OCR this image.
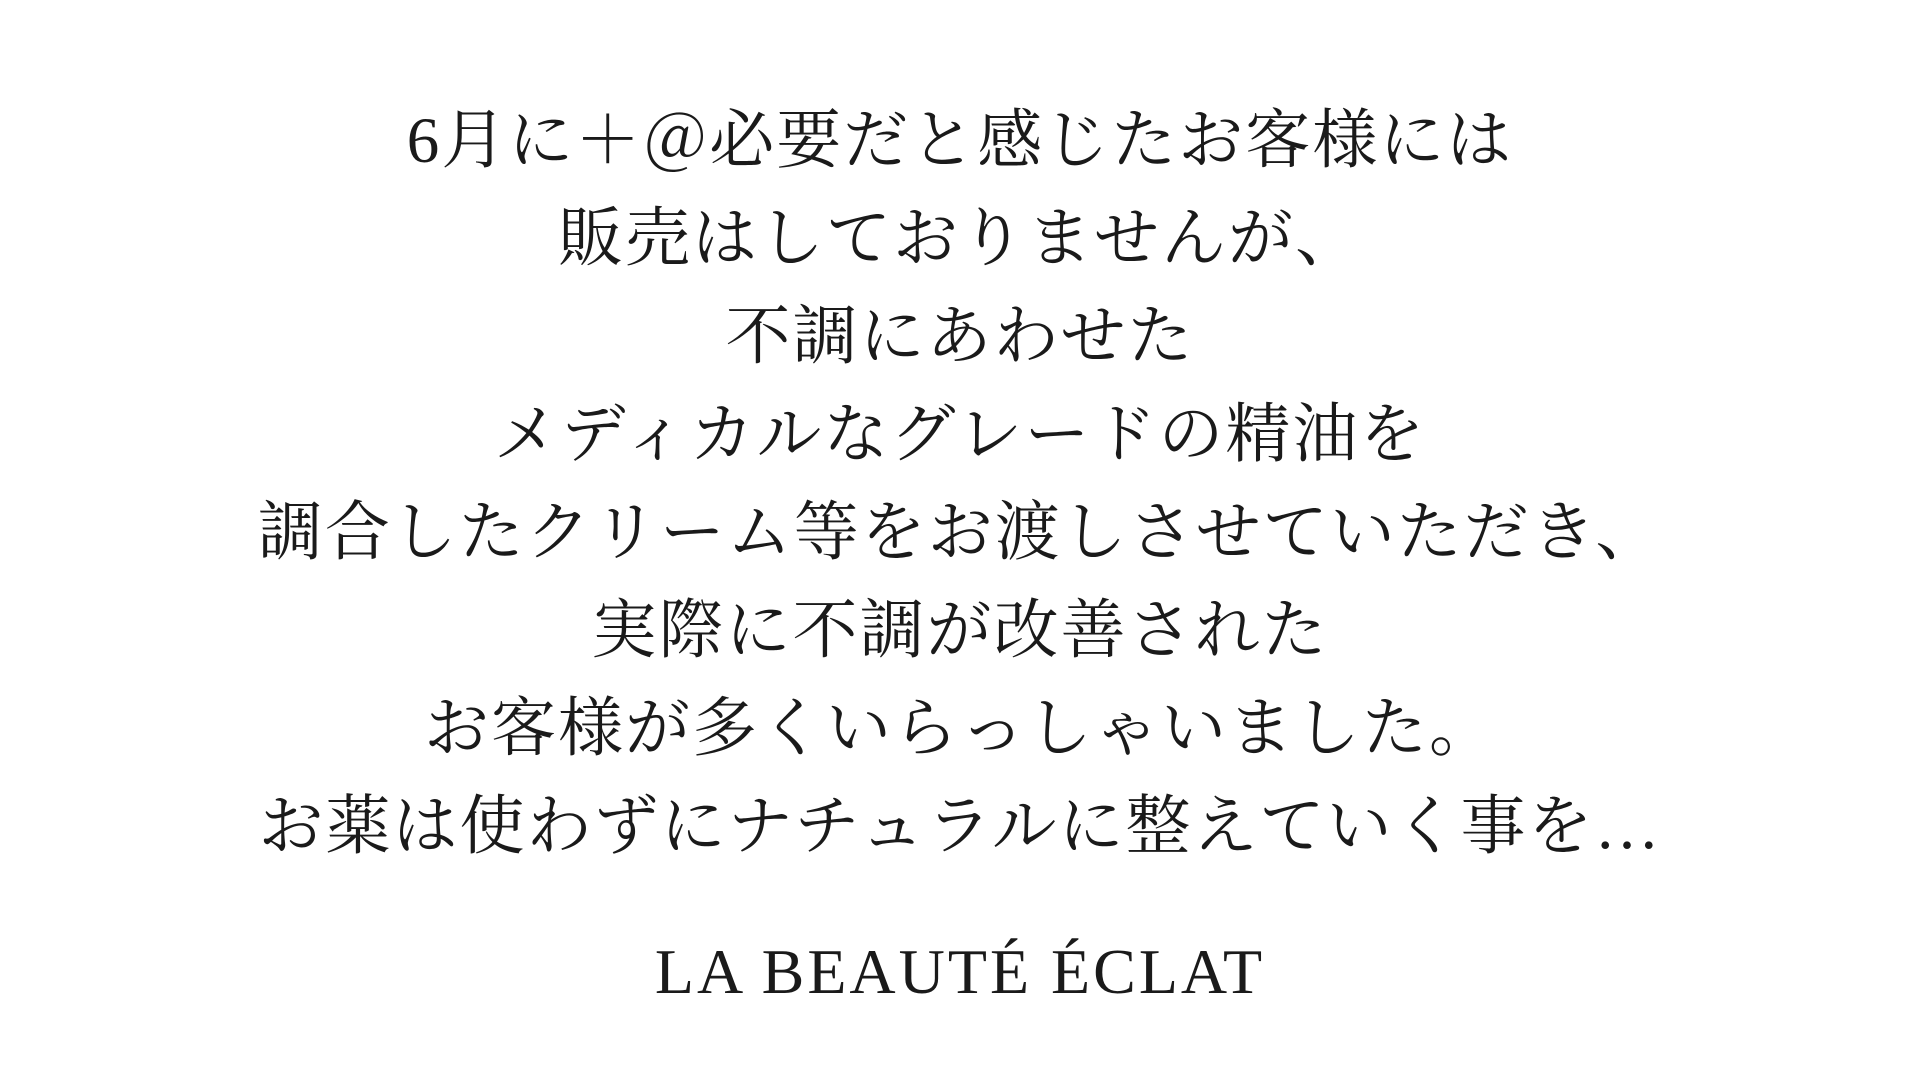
6月に＋＠必要だと感じたお客様には

販売はしておりませんが、

不調にあわせた

メディカルなグレードの精油を

調合したクリーム等をお渡しさせていただき、

実際に不調が改善された

お客様が多くいらっしゃいました。

お薬は使わずにナチュラルに整えていく事を…

LA BEAUTÉ ÉCLAT
